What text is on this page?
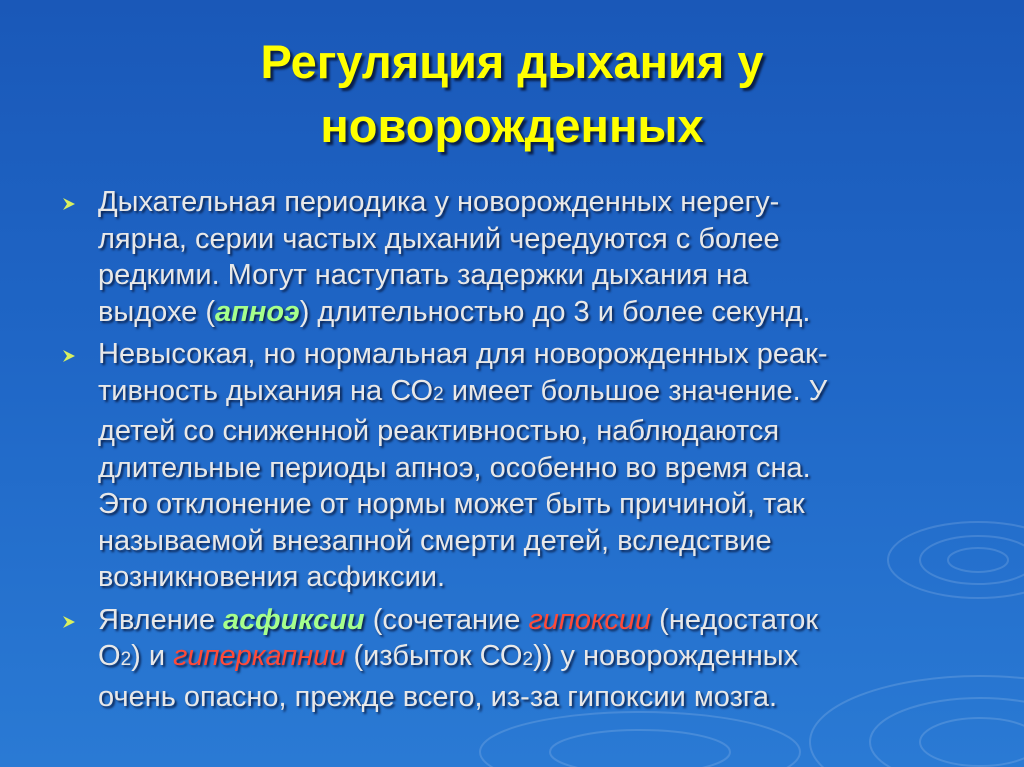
Регуляция дыхания у
новорожденных
Дыхательная периодика у новорожденных нерегу-
лярна, серии частых дыханий чередуются с более
редкими. Могут наступать задержки дыхания на
выдохе (апноэ) длительностью до 3 и более секунд.
Невысокая, но нормальная для новорожденных реак-
тивность дыхания на СО2 имеет большое значение. У
детей со сниженной реактивностью, наблюдаются
длительные периоды апноэ, особенно во время сна.
Это отклонение от нормы может быть причиной, так
называемой внезапной смерти детей, вследствие
возникновения асфиксии.
Явление асфиксии (сочетание гипоксии (недостаток
О2) и гиперкапнии (избыток СО2)) у новорожденных
очень опасно, прежде всего, из-за гипоксии мозга.
